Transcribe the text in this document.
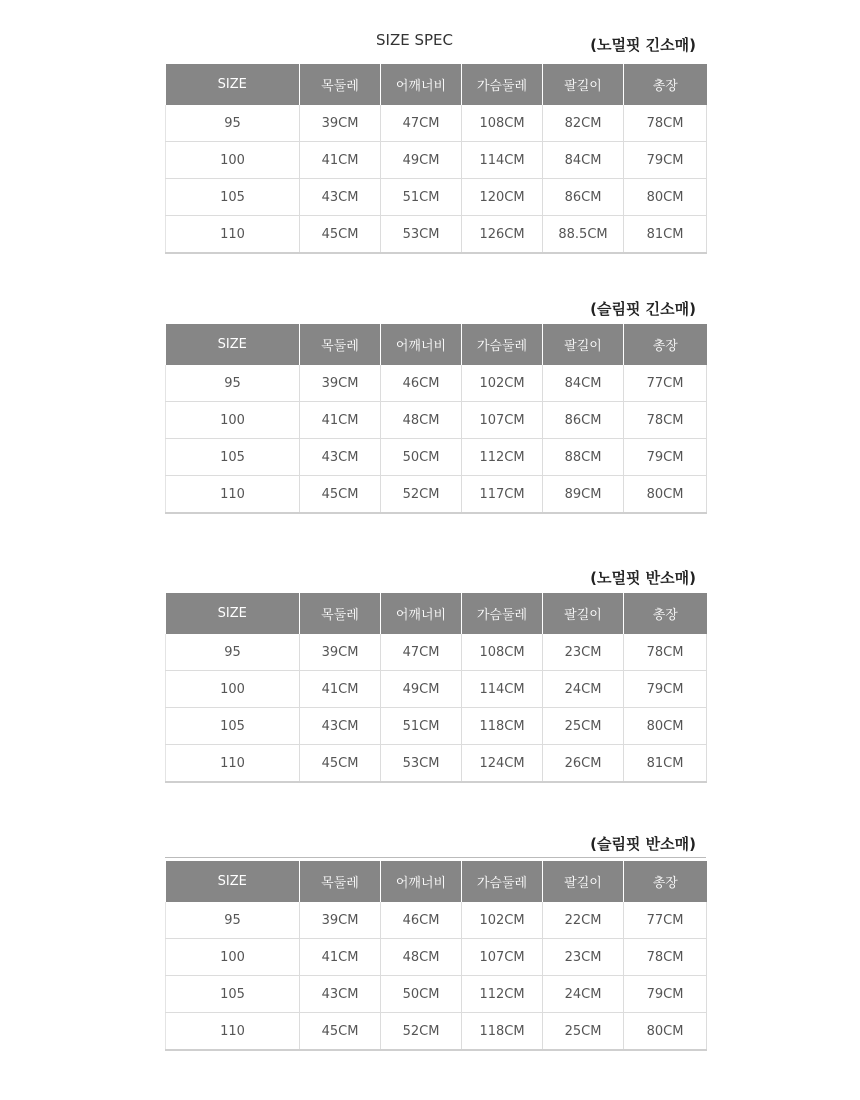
SIZE SPEC	(노멀핏 긴소매)
SIZE	목둘레	어깨너비	가슴둘레	팔길이	총장
95	39CM	47CM	108CM	82CM	78CM
100	41CM	49CM	114CM	84CM	79CM
105	43CM	51CM	120CM	86CM	80CM
110	45CM	53CM	126CM	88.5CM	81CM
(슬림핏 긴소매)
SIZE	목둘레	어깨너비	가슴둘레	팔길이	총장
95	39CM	46CM	102CM	84CM	77CM
100	41CM	48CM	107CM	86CM	78CM
105	43CM	50CM	112CM	88CM	79CM
110	45CM	52CM	117CM	89CM	80CM
(노멀핏 반소매)
SIZE	목둘레	어깨너비	가슴둘레	팔길이	총장
95	39CM	47CM	108CM	23CM	78CM
100	41CM	49CM	114CM	24CM	79CM
105	43CM	51CM	118CM	25CM	80CM
110	45CM	53CM	124CM	26CM	81CM
(슬림핏 반소매)
SIZE	목둘레	어깨너비	가슴둘레	팔길이	총장
95	39CM	46CM	102CM	22CM	77CM
100	41CM	48CM	107CM	23CM	78CM
105	43CM	50CM	112CM	24CM	79CM
110	45CM	52CM	118CM	25CM	80CM
